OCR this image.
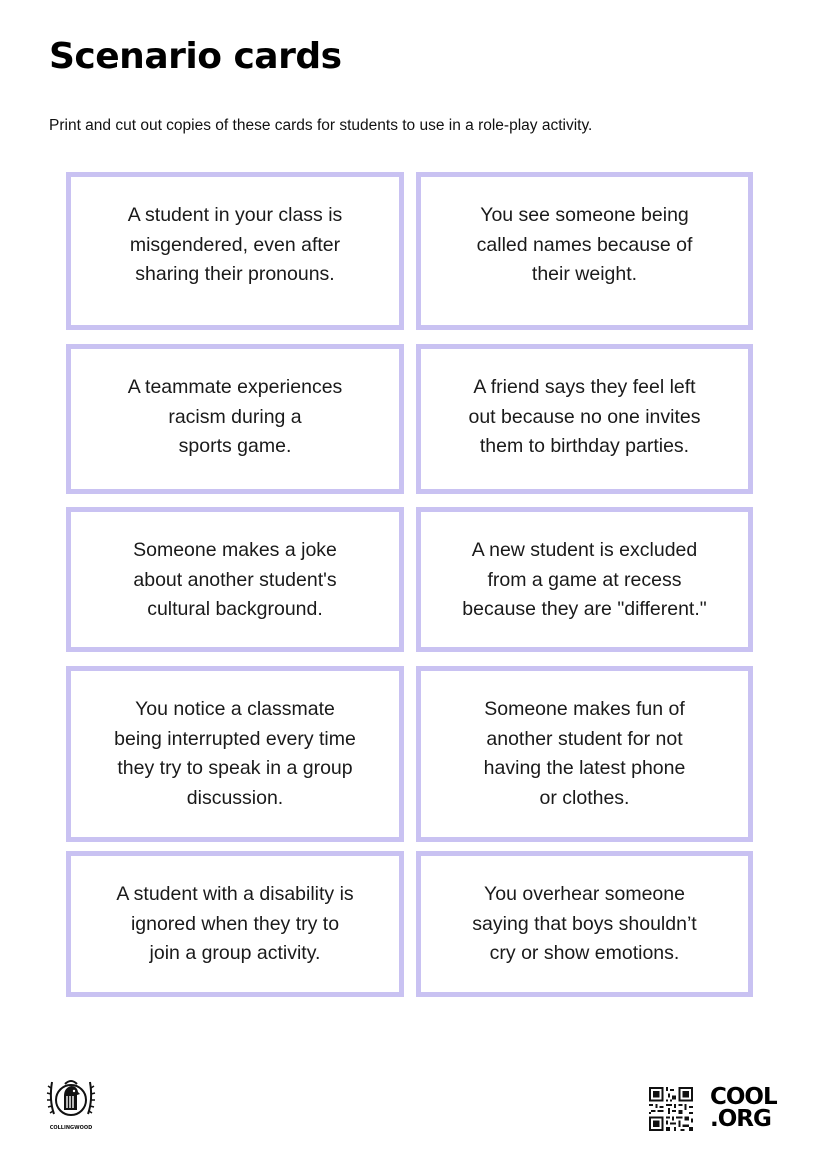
Scenario cards

Print and cut out copies of these cards for students to use in a role-play activity.

A student in your class is
misgendered, even after
sharing their pronouns.
You see someone being
called names because of
their weight.
A teammate experiences
racism during a
sports game.
A friend says they feel left
out because no one invites
them to birthday parties.
Someone makes a joke
about another student's
cultural background.
A new student is excluded
from a game at recess
because they are "different."
You notice a classmate
being interrupted every time
they try to speak in a group
discussion.
Someone makes fun of
another student for not
having the latest phone
or clothes.
A student with a disability is
ignored when they try to
join a group activity.
You overhear someone
saying that boys shouldn’t
cry or show emotions.
COLLINGWOOD
COOL
.ORG
